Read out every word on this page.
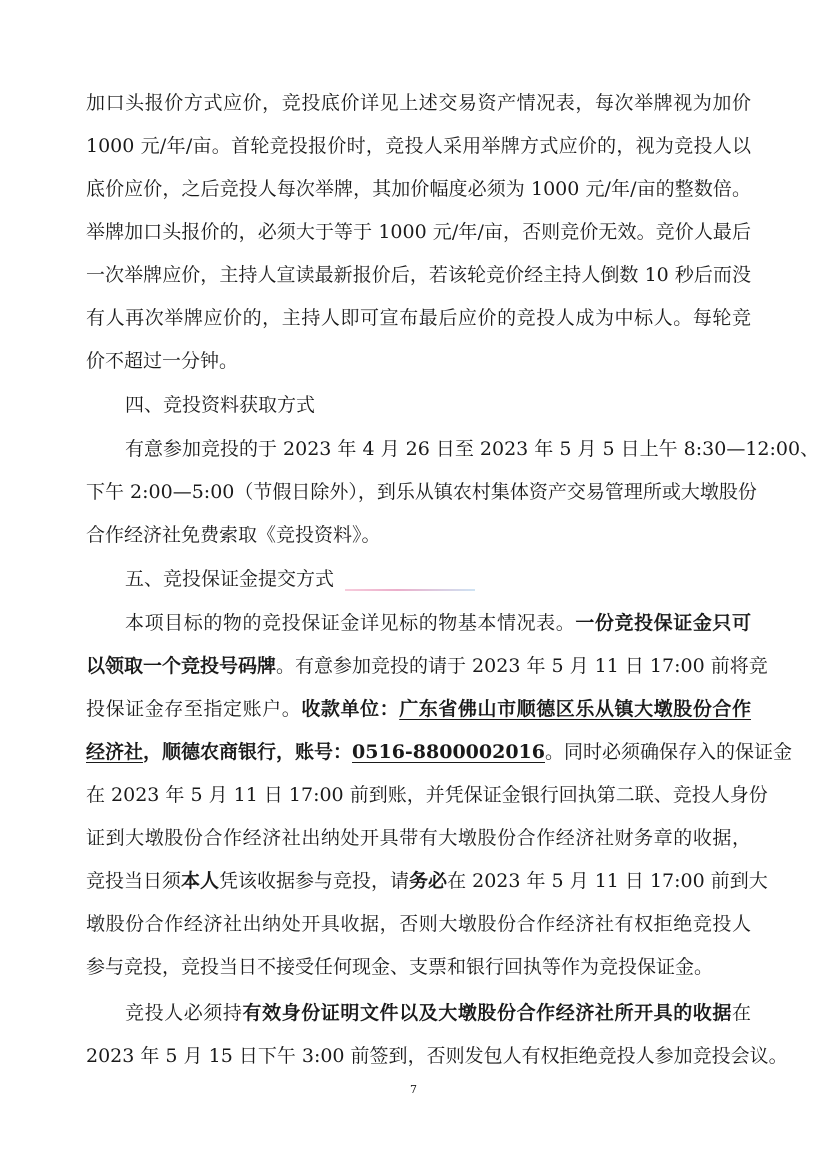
加口头报价方式应价，竞投底价详见上述交易资产情况表，每次举牌视为加价
1000 元/年/亩。首轮竞投报价时，竞投人采用举牌方式应价的，视为竞投人以
底价应价，之后竞投人每次举牌，其加价幅度必须为 1000 元/年/亩的整数倍。
举牌加口头报价的，必须大于等于 1000 元/年/亩，否则竞价无效。竞价人最后
一次举牌应价，主持人宣读最新报价后，若该轮竞价经主持人倒数 10 秒后而没
有人再次举牌应价的，主持人即可宣布最后应价的竞投人成为中标人。每轮竞
价不超过一分钟。
四、竞投资料获取方式
有意参加竞投的于 2023 年 4 月 26 日至 2023 年 5 月 5 日上午 8:30—12:00、
下午 2:00—5:00（节假日除外），到乐从镇农村集体资产交易管理所或大墩股份
合作经济社免费索取《竞投资料》。
五、竞投保证金提交方式
本项目标的物的竞投保证金详见标的物基本情况表。一份竞投保证金只可
以领取一个竞投号码牌。有意参加竞投的请于 2023 年 5 月 11 日 17:00 前将竞
投保证金存至指定账户。收款单位：广东省佛山市顺德区乐从镇大墩股份合作
经济社，顺德农商银行，账号：0516-8800002016。同时必须确保存入的保证金
在 2023 年 5 月 11 日 17:00 前到账，并凭保证金银行回执第二联、竞投人身份
证到大墩股份合作经济社出纳处开具带有大墩股份合作经济社财务章的收据，
竞投当日须本人凭该收据参与竞投，请务必在 2023 年 5 月 11 日 17:00 前到大
墩股份合作经济社出纳处开具收据，否则大墩股份合作经济社有权拒绝竞投人
参与竞投，竞投当日不接受任何现金、支票和银行回执等作为竞投保证金。
竞投人必须持有效身份证明文件以及大墩股份合作经济社所开具的收据在
2023 年 5 月 15 日下午 3:00 前签到，否则发包人有权拒绝竞投人参加竞投会议。
7
